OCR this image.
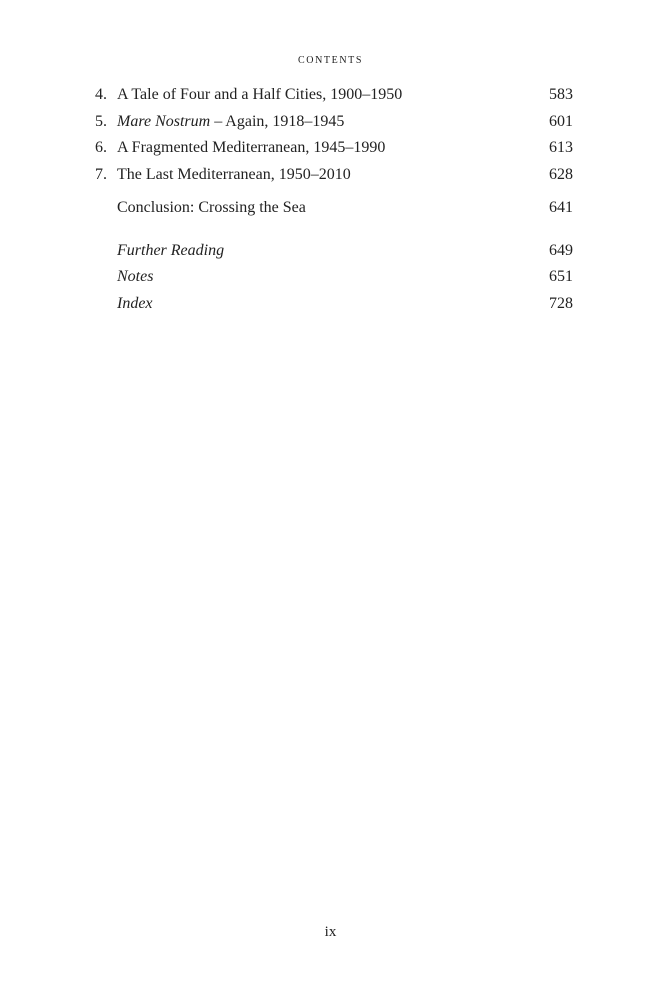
CONTENTS
4. A Tale of Four and a Half Cities, 1900–1950	583
5. Mare Nostrum – Again, 1918–1945	601
6. A Fragmented Mediterranean, 1945–1990	613
7. The Last Mediterranean, 1950–2010	628
Conclusion: Crossing the Sea	641
Further Reading	649
Notes	651
Index	728
ix
